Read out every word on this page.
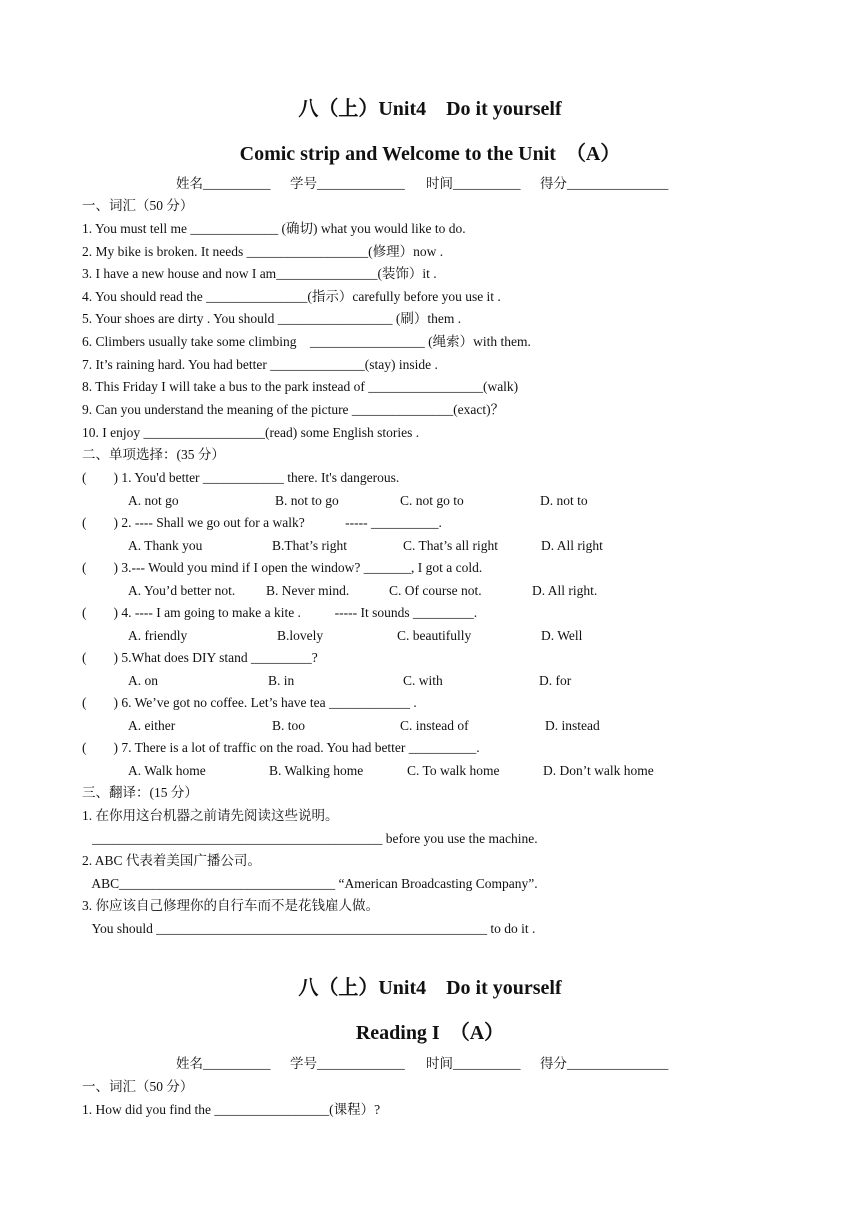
八（上）Unit4    Do it yourself
Comic strip and Welcome to the Unit  （A）
姓名__________ 学号_____________ 时间__________ 得分_______________
一、词汇（50 分）
1. You must tell me _____________ (确切) what you would like to do.
2. My bike is broken. It needs __________________(修理）now .
3. I have a new house and now I am_______________(装饰）it .
4. You should read the _______________(指示）carefully before you use it .
5. Your shoes are dirty . You should _________________ (刷）them .
6. Climbers usually take some climbing    _________________ (绳索）with them.
7. It’s raining hard. You had better ______________(stay) inside .
8. This Friday I will take a bus to the park instead of _________________(walk)
9. Can you understand the meaning of the picture _______________(exact)？
10. I enjoy __________________(read) some English stories .
二、单项选择：(35 分）
(        ) 1. You'd better ____________ there. It's dangerous.
A. not go	B. not to go	C. not go to	D. not to
(        ) 2. ---- Shall we go out for a walk?            ----- __________.
A. Thank you	B.That’s right	C. That’s all right	D. All right
(        ) 3.--- Would you mind if I open the window? _______, I got a cold.
A. You’d better not. B. Never mind.	C. Of course not.	D. All right.
(        ) 4. ---- I am going to make a kite .          ----- It sounds _________.
A. friendly	B.lovely	C. beautifully	D. Well
(        ) 5.What does DIY stand _________?
A. on	B. in	C. with	D. for
(        ) 6. We’ve got no coffee. Let’s have tea ____________ .
A. either	B. too	C. instead of	D. instead
(        ) 7. There is a lot of traffic on the road. You had better __________.
A. Walk home	B. Walking home	C. To walk home	D. Don’t walk home
三、翻译：(15 分）
1. 在你用这台机器之前请先阅读这些说明。
___________________________________________ before you use the machine.
2. ABC 代表着美国广播公司。
ABC________________________________ “American Broadcasting Company”.
3. 你应该自己修理你的自行车而不是花钱雇人做。
You should _________________________________________________ to do it .
八（上）Unit4    Do it yourself
Reading I  （A）
姓名__________ 学号_____________ 时间__________ 得分_______________
一、词汇（50 分）
1. How did you find the _________________(课程）?
